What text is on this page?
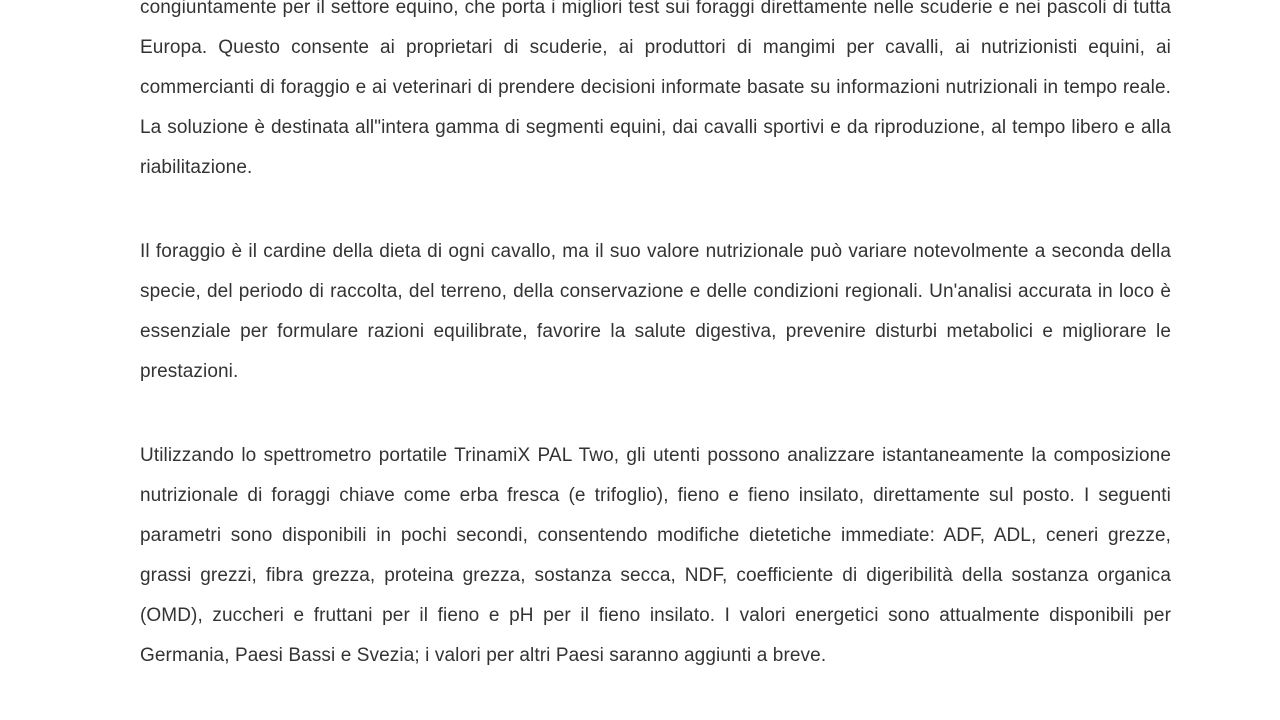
congiuntamente per il settore equino, che porta i migliori test sui foraggi direttamente nelle scuderie e nei pascoli di tutta Europa. Questo consente ai proprietari di scuderie, ai produttori di mangimi per cavalli, ai nutrizionisti equini, ai commercianti di foraggio e ai veterinari di prendere decisioni informate basate su informazioni nutrizionali in tempo reale. La soluzione è destinata all"intera gamma di segmenti equini, dai cavalli sportivi e da riproduzione, al tempo libero e alla riabilitazione.

Il foraggio è il cardine della dieta di ogni cavallo, ma il suo valore nutrizionale può variare notevolmente a seconda della specie, del periodo di raccolta, del terreno, della conservazione e delle condizioni regionali. Un'analisi accurata in loco è essenziale per formulare razioni equilibrate, favorire la salute digestiva, prevenire disturbi metabolici e migliorare le prestazioni.

Utilizzando lo spettrometro portatile TrinamiX PAL Two, gli utenti possono analizzare istantaneamente la composizione nutrizionale di foraggi chiave come erba fresca (e trifoglio), fieno e fieno insilato, direttamente sul posto. I seguenti parametri sono disponibili in pochi secondi, consentendo modifiche dietetiche immediate: ADF, ADL, ceneri grezze, grassi grezzi, fibra grezza, proteina grezza, sostanza secca, NDF, coefficiente di digeribilità della sostanza organica (OMD), zuccheri e fruttani per il fieno e pH per il fieno insilato. I valori energetici sono attualmente disponibili per Germania, Paesi Bassi e Svezia; i valori per altri Paesi saranno aggiunti a breve.
